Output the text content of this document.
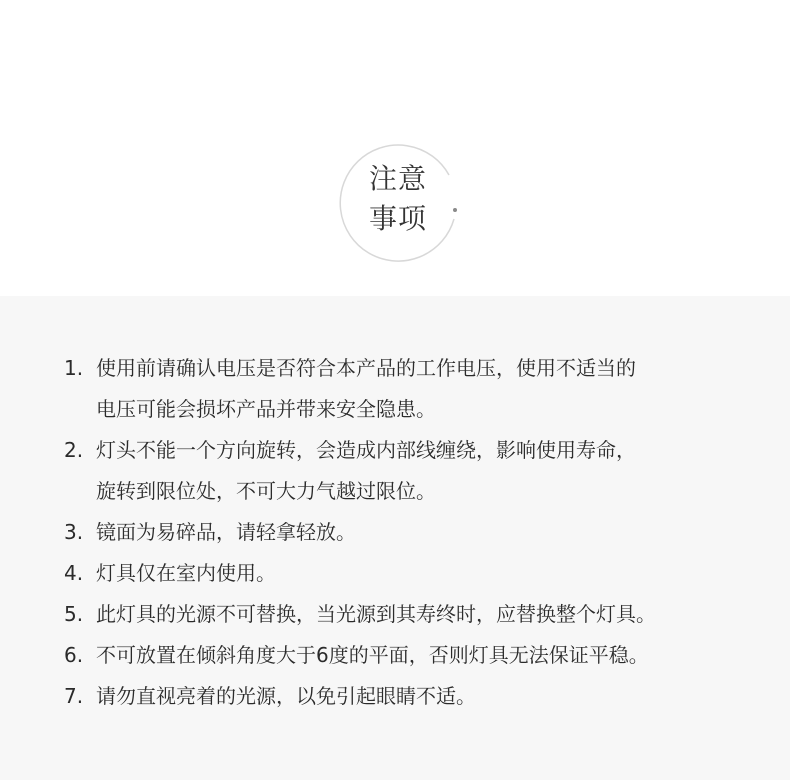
注意
事项
1. 使用前请确认电压是否符合本产品的工作电压，使用不适当的
电压可能会损坏产品并带来安全隐患。
2. 灯头不能一个方向旋转，会造成内部线缠绕，影响使用寿命，
旋转到限位处，不可大力气越过限位。
3. 镜面为易碎品，请轻拿轻放。
4. 灯具仅在室内使用。
5. 此灯具的光源不可替换，当光源到其寿终时，应替换整个灯具。
6. 不可放置在倾斜角度大于6度的平面，否则灯具无法保证平稳。
7. 请勿直视亮着的光源，以免引起眼睛不适。
